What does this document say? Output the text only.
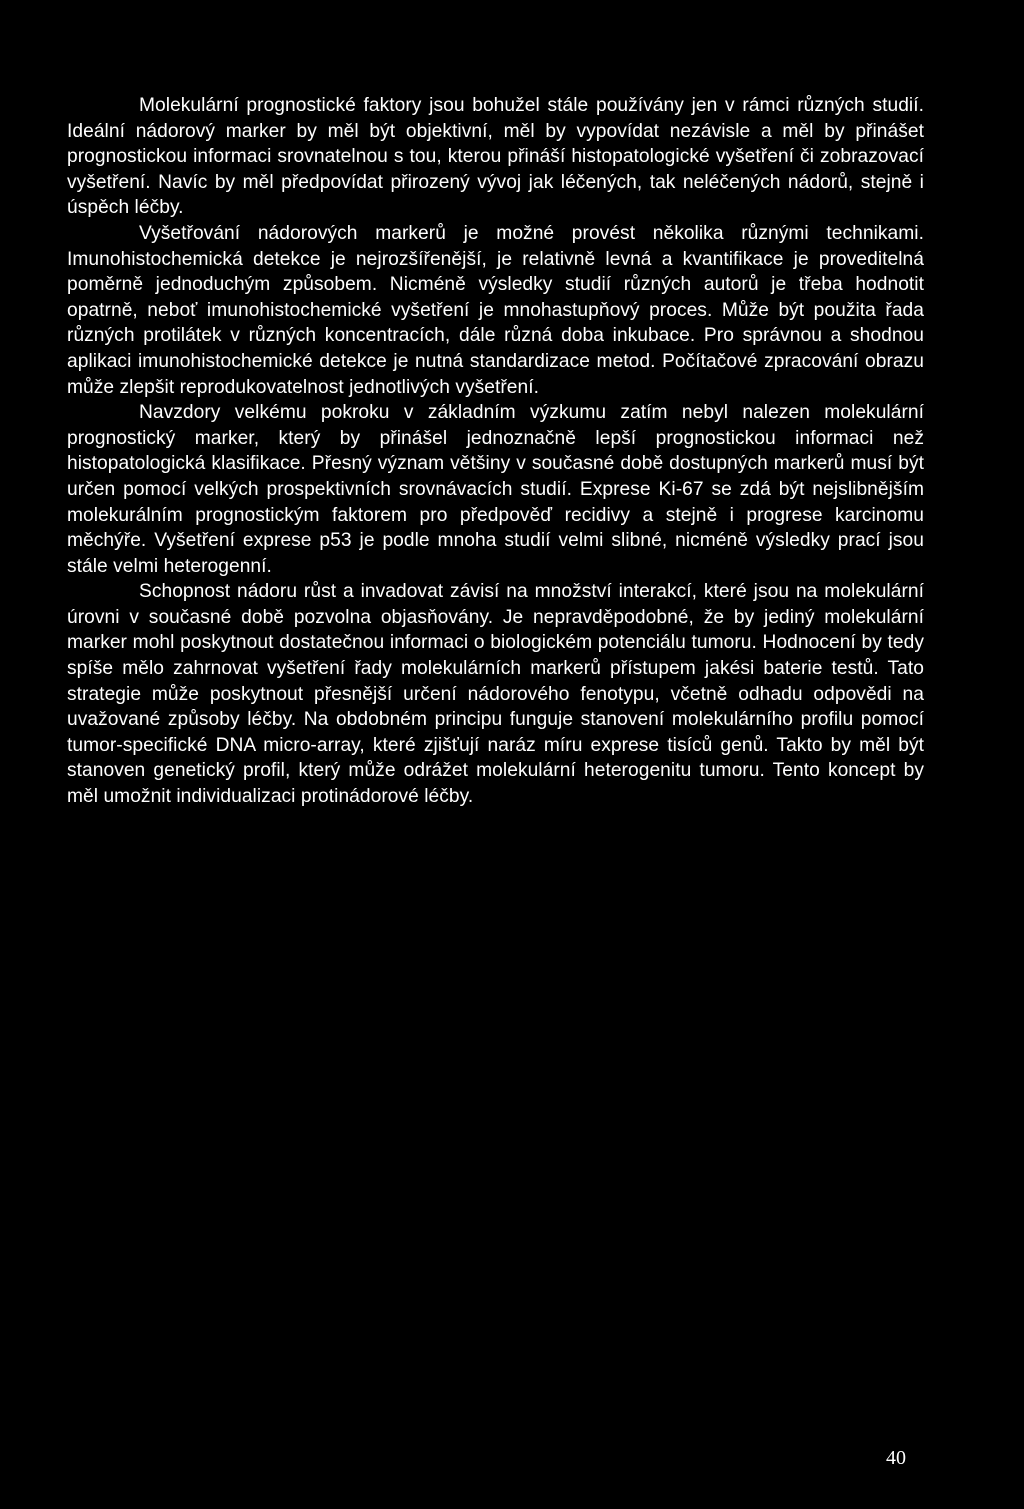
Molekulární prognostické faktory jsou bohužel stále používány jen v rámci různých studií. Ideální nádorový marker by měl být objektivní, měl by vypovídat nezávisle a měl by přinášet prognostickou informaci srovnatelnou s tou, kterou přináší histopatologické vyšetření či zobrazovací vyšetření. Navíc by měl předpovídat přirozený vývoj jak léčených, tak neléčených nádorů, stejně i úspěch léčby.

Vyšetřování nádorových markerů je možné provést několika různými technikami. Imunohistochemická detekce je nejrozšířenější, je relativně levná a kvantifikace je proveditelná poměrně jednoduchým způsobem. Nicméně výsledky studií různých autorů je třeba hodnotit opatrně, neboť imunohistochemické vyšetření je mnohastupňový proces. Může být použita řada různých protilátek v různých koncentracích, dále různá doba inkubace. Pro správnou a shodnou aplikaci imunohistochemické detekce je nutná standardizace metod. Počítačové zpracování obrazu může zlepšit reprodukovatelnost jednotlivých vyšetření.

Navzdory velkému pokroku v základním výzkumu zatím nebyl nalezen molekulární prognostický marker, který by přinášel jednoznačně lepší prognostickou informaci než histopatologická klasifikace. Přesný význam většiny v současné době dostupných markerů musí být určen pomocí velkých prospektivních srovnávacích studií. Exprese Ki-67 se zdá být nejslibnějším molekurálním prognostickým faktorem pro předpověď recidivy a stejně i progrese karcinomu měchýře. Vyšetření exprese p53 je podle mnoha studií velmi slibné, nicméně výsledky prací jsou stále velmi heterogenní.

Schopnost nádoru růst a invadovat závisí na množství interakcí, které jsou na molekulární úrovni v současné době pozvolna objasňovány. Je nepravděpodobné, že by jediný molekulární marker mohl poskytnout dostatečnou informaci o biologickém potenciálu tumoru. Hodnocení by tedy spíše mělo zahrnovat vyšetření řady molekulárních markerů přístupem jakési baterie testů. Tato strategie může poskytnout přesnější určení nádorového fenotypu, včetně odhadu odpovědi na uvažované způsoby léčby. Na obdobném principu funguje stanovení molekulárního profilu pomocí tumor-specifické DNA micro-array, které zjišťují naráz míru exprese tisíců genů. Takto by měl být stanoven genetický profil, který může odrážet molekulární heterogenitu tumoru. Tento koncept by měl umožnit individualizaci protinádorové léčby.

40
